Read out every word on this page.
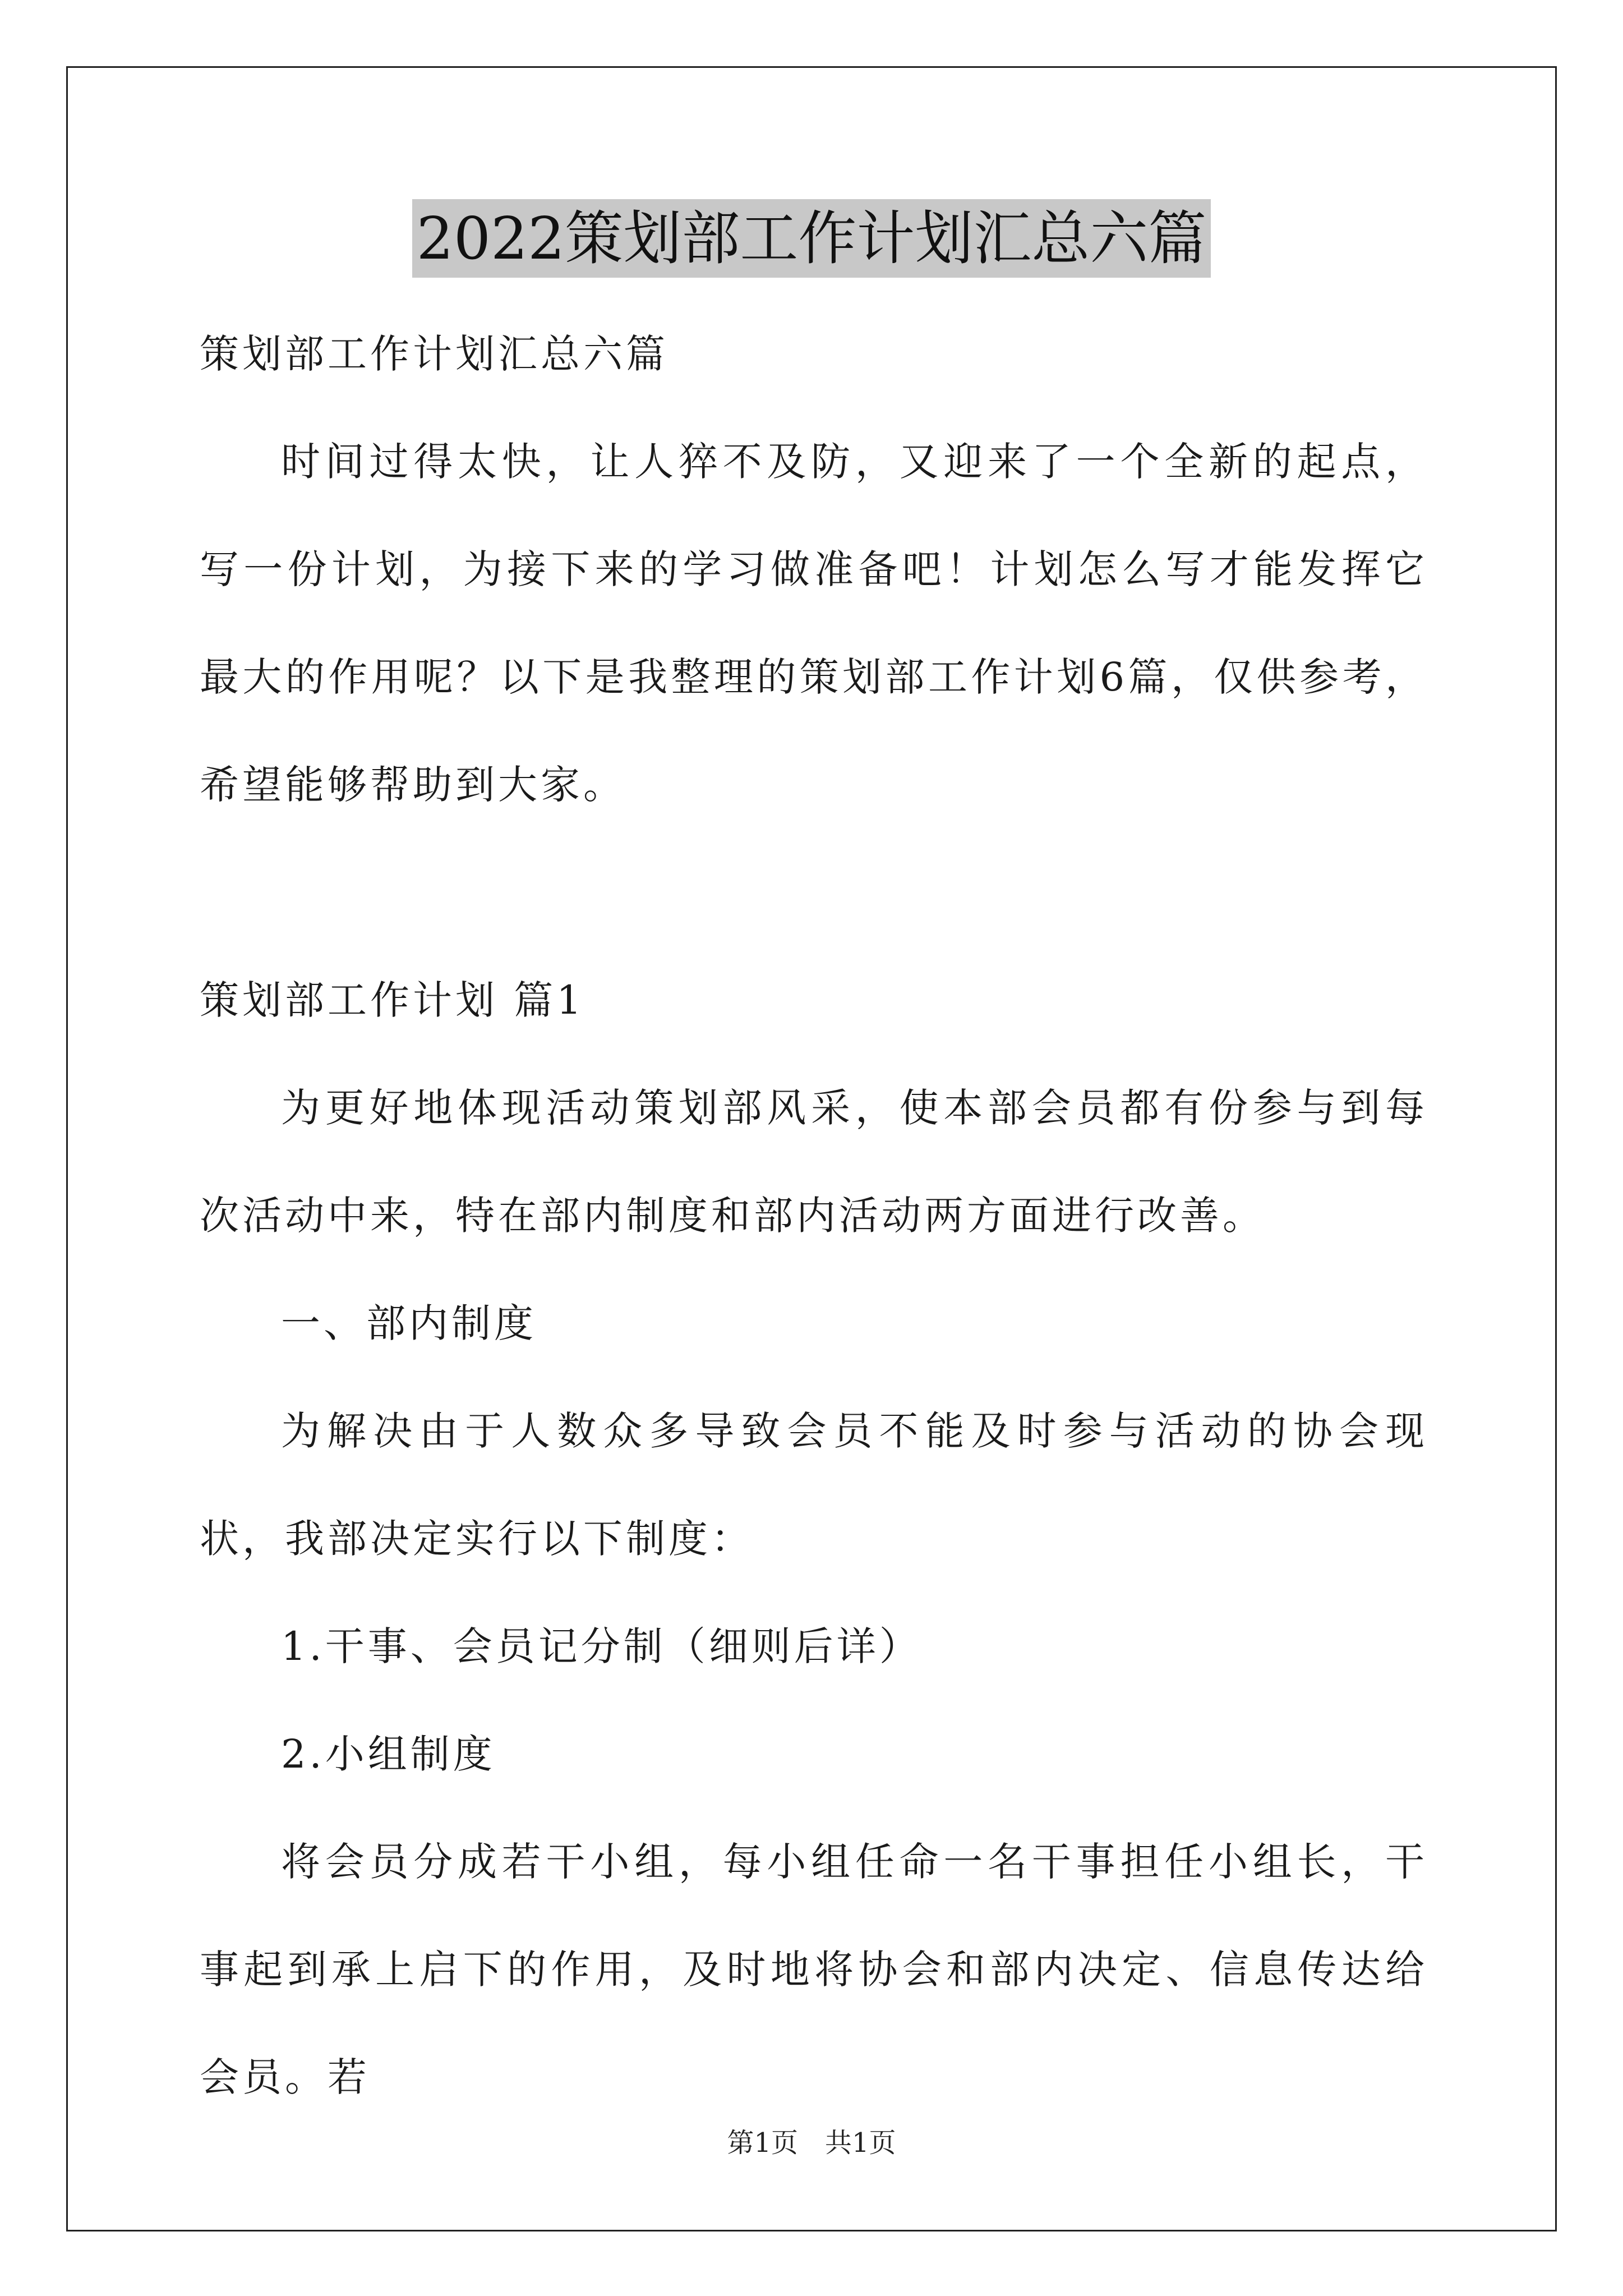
2022策划部工作计划汇总六篇

策划部工作计划汇总六篇

时间过得太快，让人猝不及防，又迎来了一个全新的起点，写一份计划，为接下来的学习做准备吧！计划怎么写才能发挥它最大的作用呢？以下是我整理的策划部工作计划6篇，仅供参考，希望能够帮助到大家。

策划部工作计划 篇1

为更好地体现活动策划部风采，使本部会员都有份参与到每次活动中来，特在部内制度和部内活动两方面进行改善。

一、部内制度

为解决由于人数众多导致会员不能及时参与活动的协会现状，我部决定实行以下制度：

1.干事、会员记分制（细则后详）

2.小组制度

将会员分成若干小组，每小组任命一名干事担任小组长，干事起到承上启下的作用，及时地将协会和部内决定、信息传达给会员。若

第1页 共1页
